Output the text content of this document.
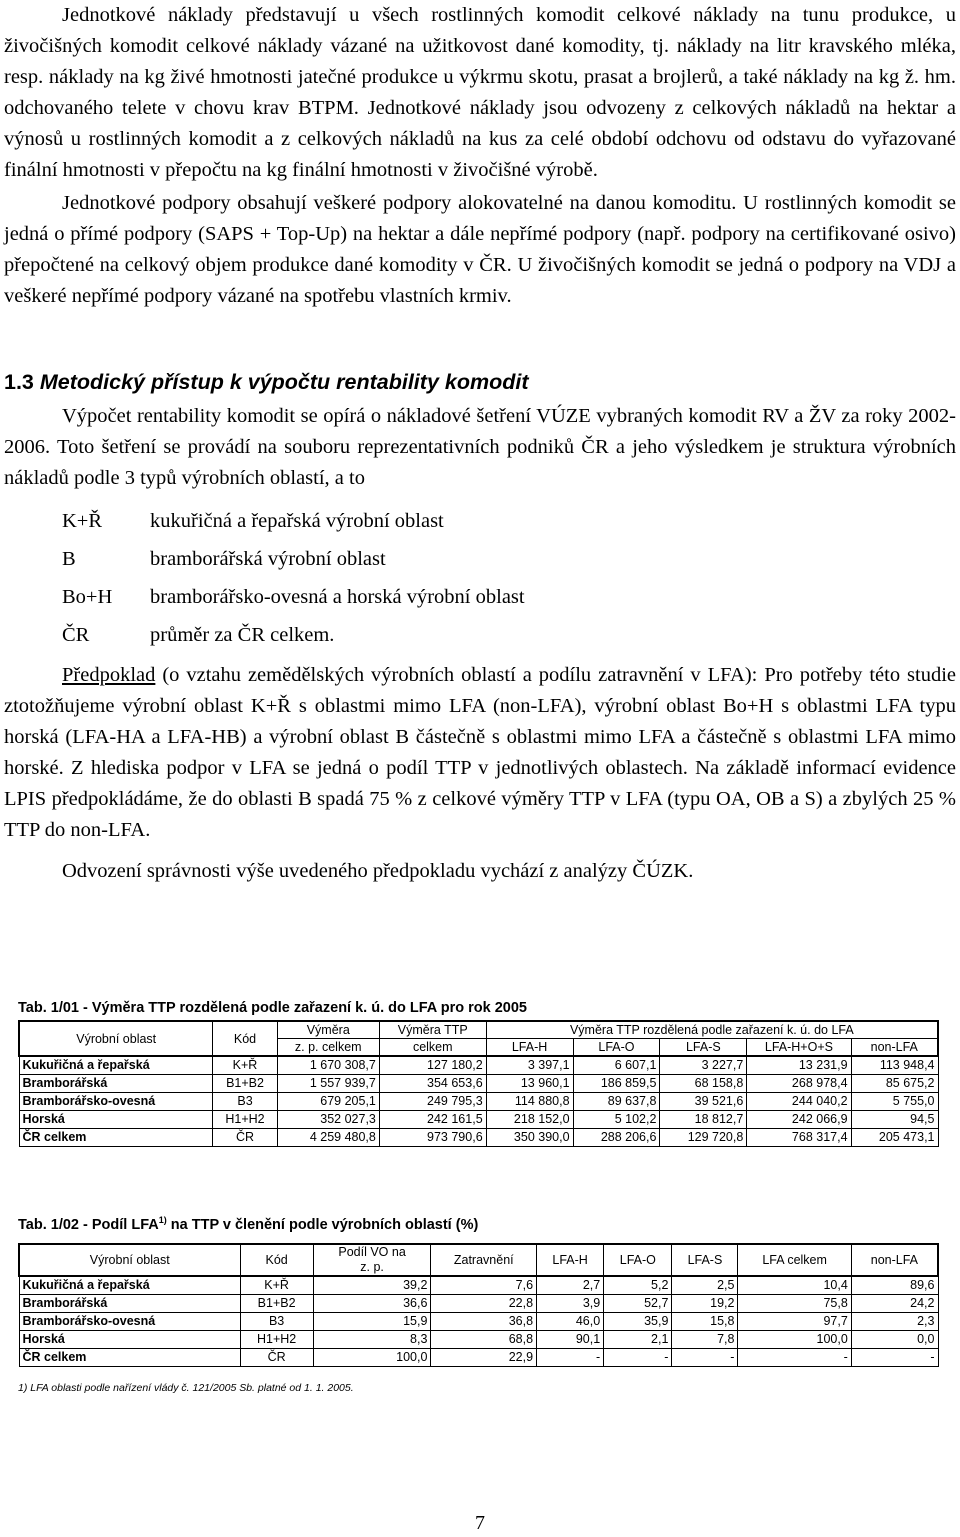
Jednotkové náklady představují u všech rostlinných komodit celkové náklady na tunu produkce, u živočišných komodit celkové náklady vázané na užitkovost dané komodity, tj. náklady na litr kravského mléka, resp. náklady na kg živé hmotnosti jatečné produkce u výkrmu skotu, prasat a brojlerů, a také náklady na kg ž. hm. odchovaného telete v chovu krav BTPM. Jednotkové náklady jsou odvozeny z celkových nákladů na hektar a výnosů u rostlinných komodit a z celkových nákladů na kus za celé období odchovu od odstavu do vyřazované finální hmotnosti v přepočtu na kg finální hmotnosti v živočišné výrobě.

Jednotkové podpory obsahují veškeré podpory alokovatelné na danou komoditu. U rostlinných komodit se jedná o přímé podpory (SAPS + Top-Up) na hektar a dále nepřímé podpory (např. podpory na certifikované osivo) přepočtené na celkový objem produkce dané komodity v ČR. U živočišných komodit se jedná o podpory na VDJ a veškeré nepřímé podpory vázané na spotřebu vlastních krmiv.

1.3 Metodický přístup k výpočtu rentability komodit

Výpočet rentability komodit se opírá o nákladové šetření VÚZE vybraných komodit RV a ŽV za roky 2002-2006. Toto šetření se provádí na souboru reprezentativních podniků ČR a jeho výsledkem je struktura výrobních nákladů podle 3 typů výrobních oblastí, a to

K+Ř	kukuřičná a řepařská výrobní oblast
B	bramborářská výrobní oblast
Bo+H	bramborářsko-ovesná a horská výrobní oblast
ČR	průměr za ČR celkem.

Předpoklad (o vztahu zemědělských výrobních oblastí a podílu zatravnění v LFA): Pro potřeby této studie ztotožňujeme výrobní oblast K+Ř s oblastmi mimo LFA (non-LFA), výrobní oblast Bo+H s oblastmi LFA typu horská (LFA-HA a LFA-HB) a výrobní oblast B částečně s oblastmi mimo LFA a částečně s oblastmi LFA mimo horské. Z hlediska podpor v LFA se jedná o podíl TTP v jednotlivých oblastech. Na základě informací evidence LPIS předpokládáme, že do oblasti B spadá 75 % z celkové výměry TTP v LFA (typu OA, OB a S) a zbylých 25 % TTP do non-LFA.

Odvození správnosti výše uvedeného předpokladu vychází z analýzy ČÚZK.

Tab. 1/01 - Výměra TTP rozdělená podle zařazení k. ú. do LFA pro rok 2005

Výrobní oblast	Kód	Výměra	Výměra TTP	Výměra TTP rozdělená podle zařazení k. ú. do LFA				
		z. p. celkem	celkem	LFA-H	LFA-O	LFA-S	LFA-H+O+S	non-LFA
Kukuřičná a řepařská	K+Ř	1 670 308,7	127 180,2	3 397,1	6 607,1	3 227,7	13 231,9	113 948,4
Bramborářská	B1+B2	1 557 939,7	354 653,6	13 960,1	186 859,5	68 158,8	268 978,4	85 675,2
Bramborářsko-ovesná	B3	679 205,1	249 795,3	114 880,8	89 637,8	39 521,6	244 040,2	5 755,0
Horská	H1+H2	352 027,3	242 161,5	218 152,0	5 102,2	18 812,7	242 066,9	94,5
ČR celkem	ČR	4 259 480,8	973 790,6	350 390,0	288 206,6	129 720,8	768 317,4	205 473,1

Tab. 1/02 - Podíl LFA$^{1)}$ na TTP v členění podle výrobních oblastí (%)

Výrobní oblast	Kód	Podíl VO na
z. p.	Zatravnění	LFA-H	LFA-O	LFA-S	LFA celkem	non-LFA
Kukuřičná a řepařská	K+Ř	39,2	7,6	2,7	5,2	2,5	10,4	89,6
Bramborářská	B1+B2	36,6	22,8	3,9	52,7	19,2	75,8	24,2
Bramborářsko-ovesná	B3	15,9	36,8	46,0	35,9	15,8	97,7	2,3
Horská	H1+H2	8,3	68,8	90,1	2,1	7,8	100,0	0,0
ČR celkem	ČR	100,0	22,9	-	-	-	-	-
1) LFA oblasti podle nařízení vlády č. 121/2005 Sb. platné od 1. 1. 2005.
7
